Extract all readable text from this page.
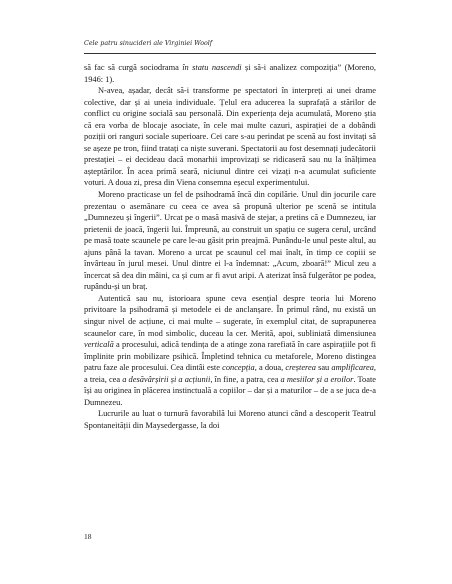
Cele patru sinucideri ale Virginiei Woolf

să fac să curgă sociodrama în statu nascendi și să-i analizez compoziția” (Moreno, 1946: 1).

N-avea, așadar, decât să-i transforme pe spectatori în interpreți ai unei drame colective, dar și ai uneia individuale. Țelul era aducerea la suprafață a stărilor de conflict cu origine socială sau personală. Din experiența deja acumulată, Moreno știa că era vorba de blocaje asociate, în cele mai multe cazuri, aspirației de a dobândi poziții ori ranguri sociale superioare. Cei care s-au perindat pe scenă au fost invitați să se așeze pe tron, fiind tratați ca niște suverani. Spectatorii au fost desemnați judecătorii prestației – ei decideau dacă monarhii improvizați se ridicaseră sau nu la înălțimea așteptărilor. În acea primă seară, niciunul dintre cei vizați n-a acumulat suficiente voturi. A doua zi, presa din Viena consemna eșecul experimentului.

Moreno practicase un fel de psihodramă încă din copilărie. Unul din jocurile care prezentau o asemănare cu ceea ce avea să propună ulterior pe scenă se intitula „Dumnezeu și îngerii”. Urcat pe o masă masivă de stejar, a pretins că e Dumnezeu, iar prietenii de joacă, îngerii lui. Împreună, au construit un spațiu ce sugera cerul, urcând pe masă toate scaunele pe care le-au găsit prin preajmă. Punându-le unul peste altul, au ajuns până la tavan. Moreno a urcat pe scaunul cel mai înalt, în timp ce copiii se învârteau în jurul mesei. Unul dintre ei l-a îndemnat: „Acum, zboară!” Micul zeu a încercat să dea din mâini, ca și cum ar fi avut aripi. A aterizat însă fulgerător pe podea, rupându-și un braț.

Autentică sau nu, istorioara spune ceva esențial despre teoria lui Moreno privitoare la psihodramă și metodele ei de anclanșare. În primul rând, nu există un singur nivel de acțiune, ci mai multe – sugerate, în exemplul citat, de suprapunerea scaunelor care, în mod simbolic, duceau la cer. Merită, apoi, subliniată dimensiunea verticală a procesului, adică tendința de a atinge zona rarefiată în care aspirațiile pot fi împlinite prin mobilizare psihică. Împletind tehnica cu metaforele, Moreno distingea patru faze ale procesului. Cea dintâi este concepția, a doua, creșterea sau amplificarea, a treia, cea a desăvârșirii și a acțiunii, în fine, a patra, cea a mesiilor și a eroilor. Toate își au originea în plăcerea instinctuală a copiilor – dar și a maturilor – de a se juca de-a Dumnezeu.

Lucrurile au luat o turnură favorabilă lui Moreno atunci când a descoperit Teatrul Spontaneității din Maysedergasse, la doi

18
